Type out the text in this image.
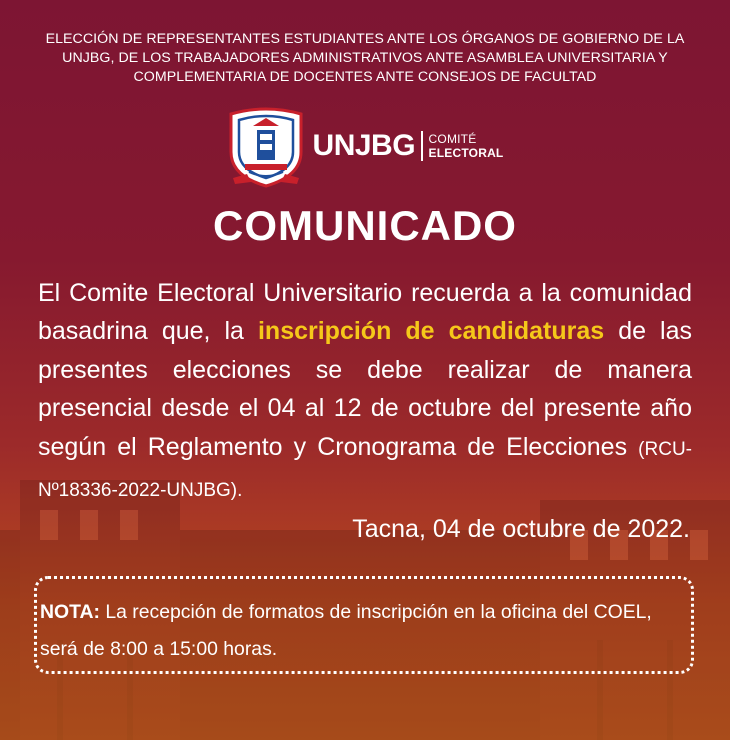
ELECCIÓN DE REPRESENTANTES ESTUDIANTES ANTE LOS ÓRGANOS DE GOBIERNO DE LA
UNJBG, DE LOS TRABAJADORES ADMINISTRATIVOS ANTE ASAMBLEA UNIVERSITARIA Y
COMPLEMENTARIA DE DOCENTES ANTE CONSEJOS DE FACULTAD
UNJBG COMITÉ
ELECTORAL
COMUNICADO
El Comite Electoral Universitario recuerda a la comunidad basadrina que, la inscripción de candidaturas de las presentes elecciones se debe realizar de manera presencial desde el 04 al 12 de octubre del presente año según el Reglamento y Cronograma de Elecciones (RCU-Nº18336-2022-UNJBG).
Tacna, 04 de octubre de 2022.
NOTA: La recepción de formatos de inscripción en la oficina del COEL, será de 8:00 a 15:00 horas.
